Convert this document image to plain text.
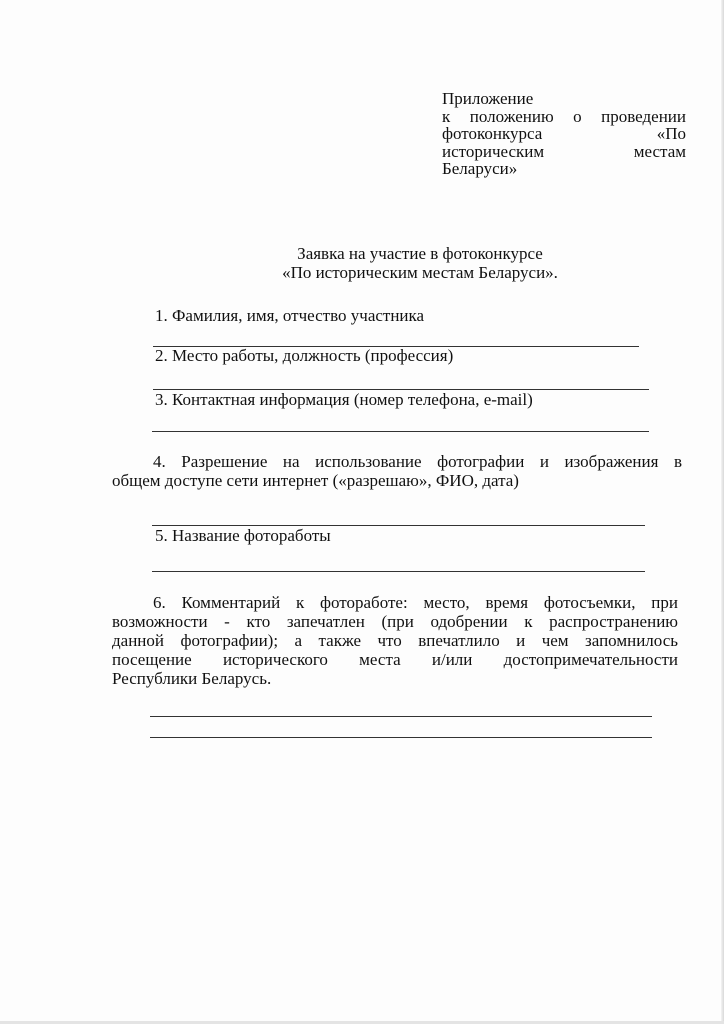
Приложение
к положению о проведении
фотоконкурса «По
историческим местам
Беларуси»
Заявка на участие в фотоконкурсе
«По историческим местам Беларуси».
1. Фамилия, имя, отчество участника
2. Место работы, должность (профессия)
3. Контактная информация (номер телефона, e-mail)
4. Разрешение на использование фотографии и изображения в
общем доступе сети интернет («разрешаю», ФИО, дата)
5. Название фотоработы
6. Комментарий к фотоработе: место, время фотосъемки, при
возможности - кто запечатлен (при одобрении к распространению
данной фотографии); а также что впечатлило и чем запомнилось
посещение исторического места и/или достопримечательности
Республики Беларусь.
